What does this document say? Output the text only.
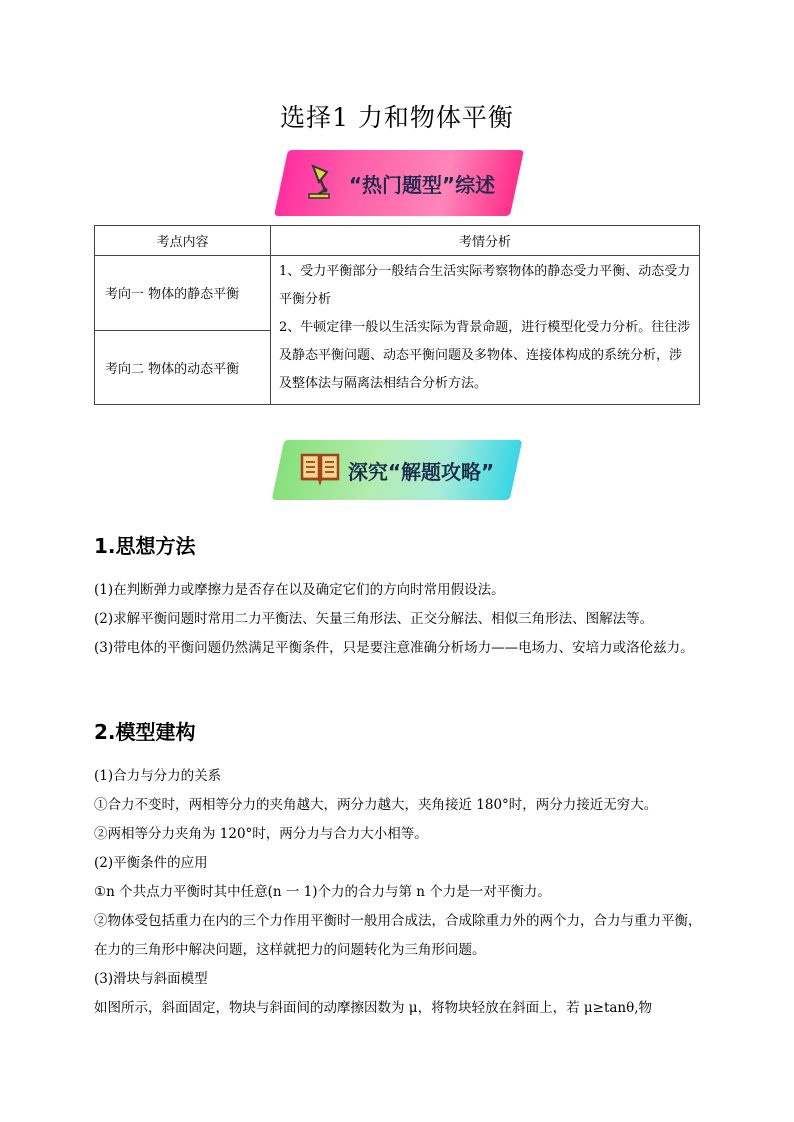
选择1 力和物体平衡
“热门题型”综述
考点内容	考情分析
考向一 物体的静态平衡	1、受力平衡部分一般结合生活实际考察物体的静态受力平衡、动态受力平衡分析
2、牛顿定律一般以生活实际为背景命题，进行模型化受力分析。往往涉及静态平衡问题、动态平衡问题及多物体、连接体构成的系统分析，涉及整体法与隔离法相结合分析方法。

考向二 物体的动态平衡	
深究“解题攻略”
1.思想方法

(1)在判断弹力或摩擦力是否存在以及确定它们的方向时常用假设法。

(2)求解平衡问题时常用二力平衡法、矢量三角形法、正交分解法、相似三角形法、图解法等。

(3)带电体的平衡问题仍然满足平衡条件，只是要注意准确分析场力——电场力、安培力或洛伦兹力。

2.模型建构

(1)合力与分力的关系

①合力不变时，两相等分力的夹角越大，两分力越大，夹角接近 180°时，两分力接近无穷大。

②两相等分力夹角为 120°时，两分力与合力大小相等。

(2)平衡条件的应用

①n 个共点力平衡时其中任意(n 一 1)个力的合力与第 n 个力是一对平衡力。

②物体受包括重力在内的三个力作用平衡时一般用合成法，合成除重力外的两个力，合力与重力平衡，在力的三角形中解决问题，这样就把力的问题转化为三角形问题。

(3)滑块与斜面模型

如图所示，斜面固定，物块与斜面间的动摩擦因数为 μ，将物块轻放在斜面上，若 μ≥tanθ,物
